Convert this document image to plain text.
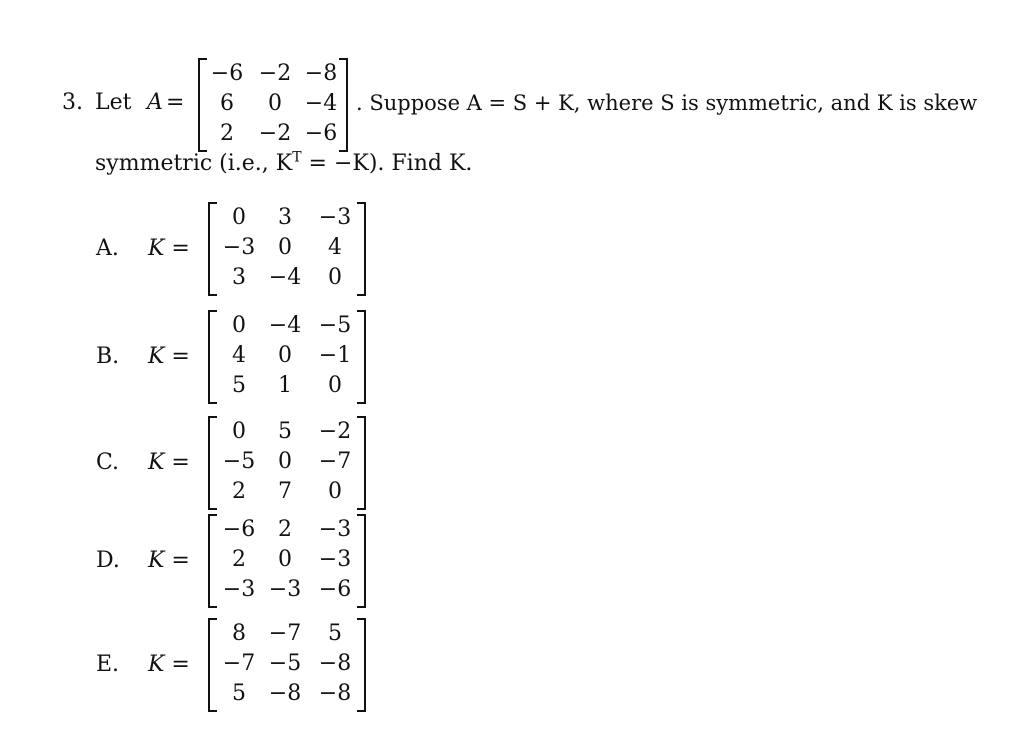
3. Let A =
−6 −2 −8
6	0	−4
2	−2 −6
. Suppose A = S + K, where S is symmetric, and K is skew
symmetric (i.e., $K^T = -K$). Find K.
A. K =
0	3	−3
−3	0	4
3	−4	0
B. K =
0	−4 −5
4	0	−1
5	1	0
C. K =
0	5	−2
−5	0	−7
2	7	0
D. K =
−6	2	−3
2	0	−3
−3 −3 −6
E. K =
8	−7	5
−7 −5 −8
5	−8 −8
